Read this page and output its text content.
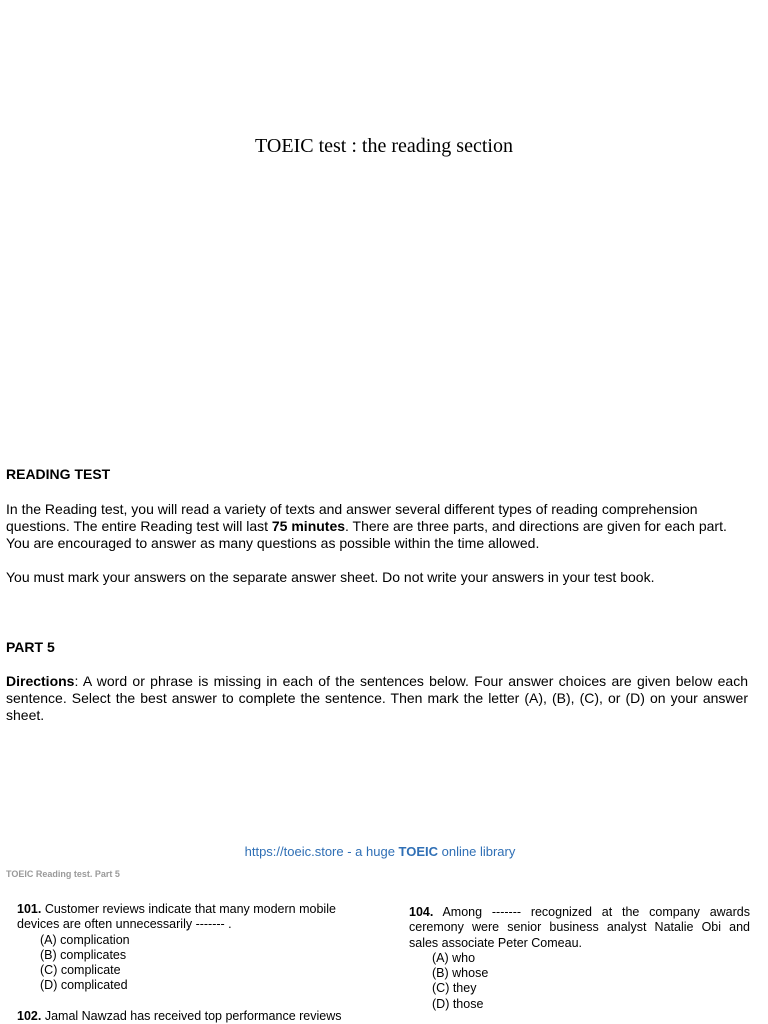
TOEIC test : the reading section
READING TEST
In the Reading test, you will read a variety of texts and answer several different types of reading comprehension questions. The entire Reading test will last 75 minutes. There are three parts, and directions are given for each part. You are encouraged to answer as many questions as possible within the time allowed.
You must mark your answers on the separate answer sheet. Do not write your answers in your test book.
PART 5
Directions: A word or phrase is missing in each of the sentences below. Four answer choices are given below each sentence. Select the best answer to complete the sentence. Then mark the letter (A), (B), (C), or (D) on your answer sheet.
https://toeic.store - a huge TOEIC online library
TOEIC Reading test. Part 5
101. Customer reviews indicate that many modern mobile devices are often unnecessarily ------- .
(A) complication
(B) complicates
(C) complicate
(D) complicated
102. Jamal Nawzad has received top performance reviews
104. Among ------- recognized at the company awards ceremony were senior business analyst Natalie Obi and sales associate Peter Comeau.
(A) who
(B) whose
(C) they
(D) those
